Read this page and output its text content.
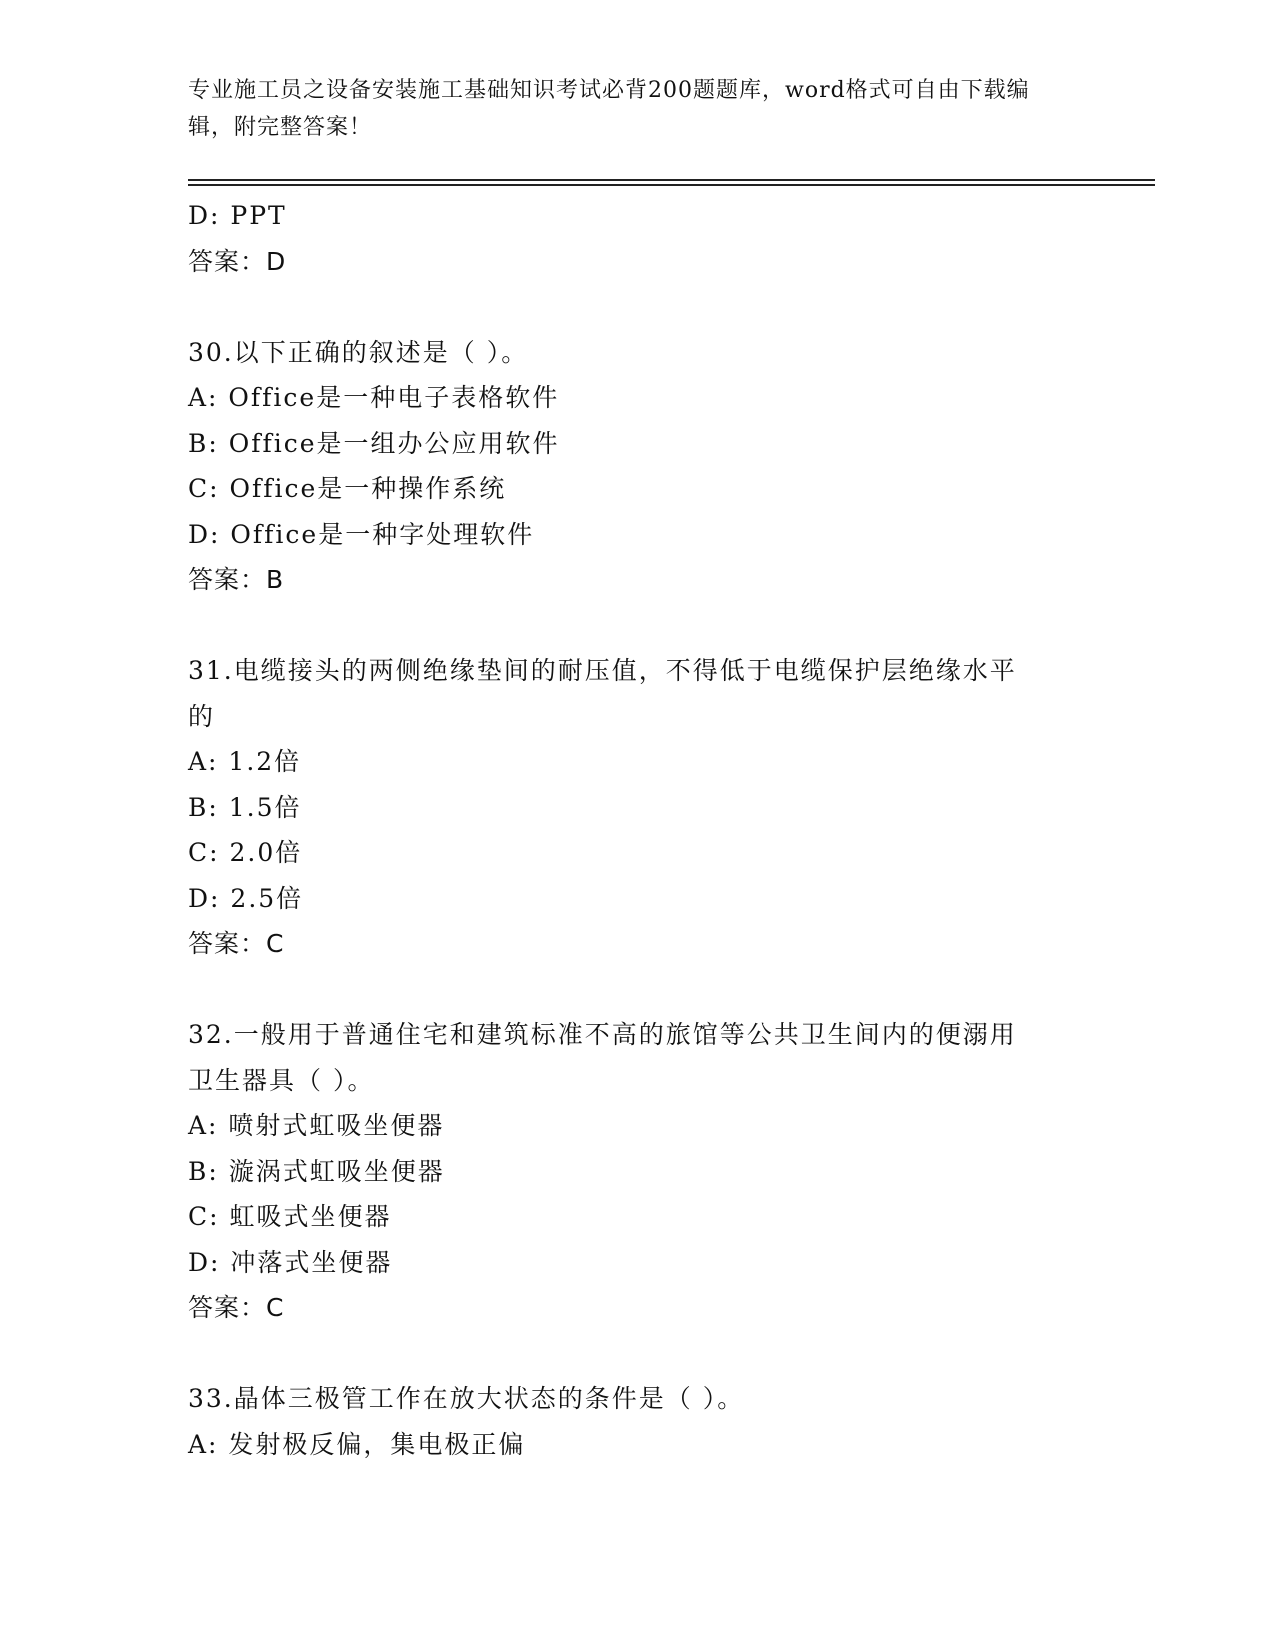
专业施工员之设备安装施工基础知识考试必背200题题库，word格式可自由下载编辑，附完整答案！
D: PPT
答案：D
30.以下正确的叙述是（ ）。
A: Office是一种电子表格软件
B: Office是一组办公应用软件
C: Office是一种操作系统
D: Office是一种字处理软件
答案：B
31.电缆接头的两侧绝缘垫间的耐压值，不得低于电缆保护层绝缘水平
的
A: 1.2倍
B: 1.5倍
C: 2.0倍
D: 2.5倍
答案：C
32.一般用于普通住宅和建筑标准不高的旅馆等公共卫生间内的便溺用
卫生器具（ ）。
A: 喷射式虹吸坐便器
B: 漩涡式虹吸坐便器
C: 虹吸式坐便器
D: 冲落式坐便器
答案：C
33.晶体三极管工作在放大状态的条件是（ ）。
A: 发射极反偏，集电极正偏
